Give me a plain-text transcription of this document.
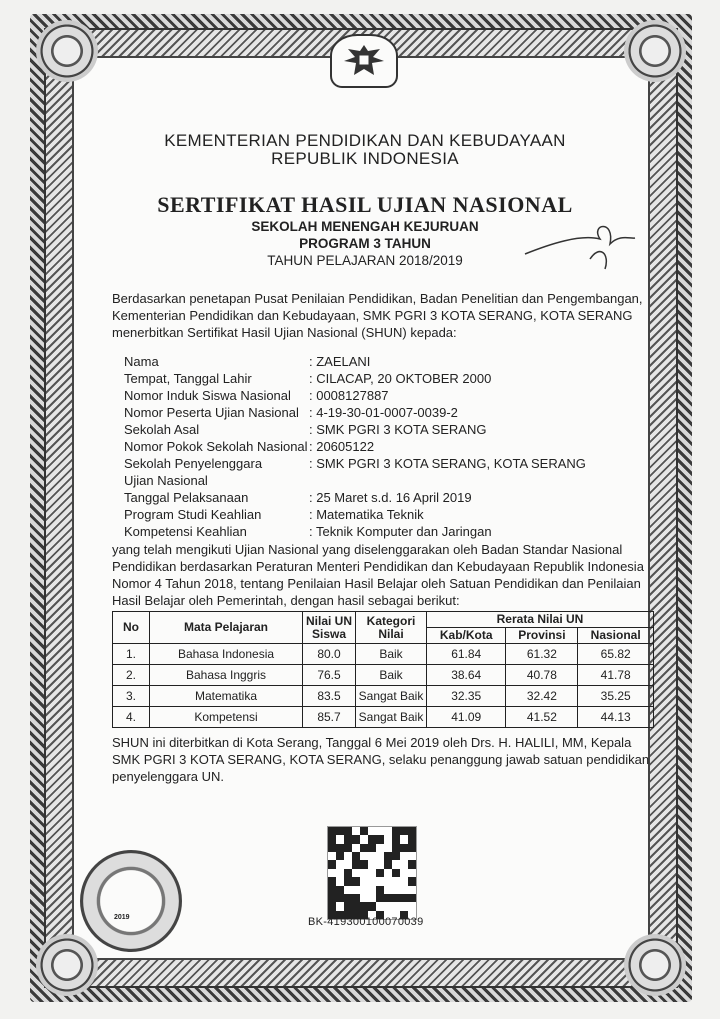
KEMENTERIAN PENDIDIKAN DAN KEBUDAYAAN
REPUBLIK INDONESIA
SERTIFIKAT HASIL UJIAN NASIONAL
SEKOLAH MENENGAH KEJURUAN
PROGRAM 3 TAHUN
TAHUN PELAJARAN 2018/2019
Berdasarkan penetapan Pusat Penilaian Pendidikan, Badan Penelitian dan Pengembangan, Kementerian Pendidikan dan Kebudayaan, SMK PGRI 3 KOTA SERANG, KOTA SERANG menerbitkan Sertifikat Hasil Ujian Nasional (SHUN) kepada:
Nama	: ZAELANI
Tempat, Tanggal Lahir	: CILACAP, 20 OKTOBER 2000
Nomor Induk Siswa Nasional	: 0008127887
Nomor Peserta Ujian Nasional : 4-19-30-01-0007-0039-2
Sekolah Asal	: SMK PGRI 3 KOTA SERANG
Nomor Pokok Sekolah Nasional : 20605122
Sekolah Penyelenggara	: SMK PGRI 3 KOTA SERANG, KOTA SERANG
Ujian Nasional
Tanggal Pelaksanaan	: 25 Maret s.d. 16 April 2019
Program Studi Keahlian	: Matematika Teknik
Kompetensi Keahlian	: Teknik Komputer dan Jaringan
yang telah mengikuti Ujian Nasional yang diselenggarakan oleh Badan Standar Nasional Pendidikan berdasarkan Peraturan Menteri Pendidikan dan Kebudayaan Republik Indonesia Nomor 4 Tahun 2018, tentang Penilaian Hasil Belajar oleh Satuan Pendidikan dan Penilaian Hasil Belajar oleh Pemerintah, dengan hasil sebagai berikut:
No	Mata Pelajaran	Nilai UN Siswa	Kategori Nilai	Rerata Nilai UN		
				Kab/Kota	Provinsi	Nasional
1.	Bahasa Indonesia	80.0	Baik	61.84	61.32	65.82
2.	Bahasa Inggris	76.5	Baik	38.64	40.78	41.78
3.	Matematika	83.5	Sangat Baik	32.35	32.42	35.25
4.	Kompetensi	85.7	Sangat Baik	41.09	41.52	44.13
SHUN ini diterbitkan di Kota Serang, Tanggal 6 Mei 2019 oleh Drs. H. HALILI, MM, Kepala SMK PGRI 3 KOTA SERANG, KOTA SERANG, selaku penanggung jawab satuan pendidikan penyelenggara UN.
2019	BK-419300100070039
